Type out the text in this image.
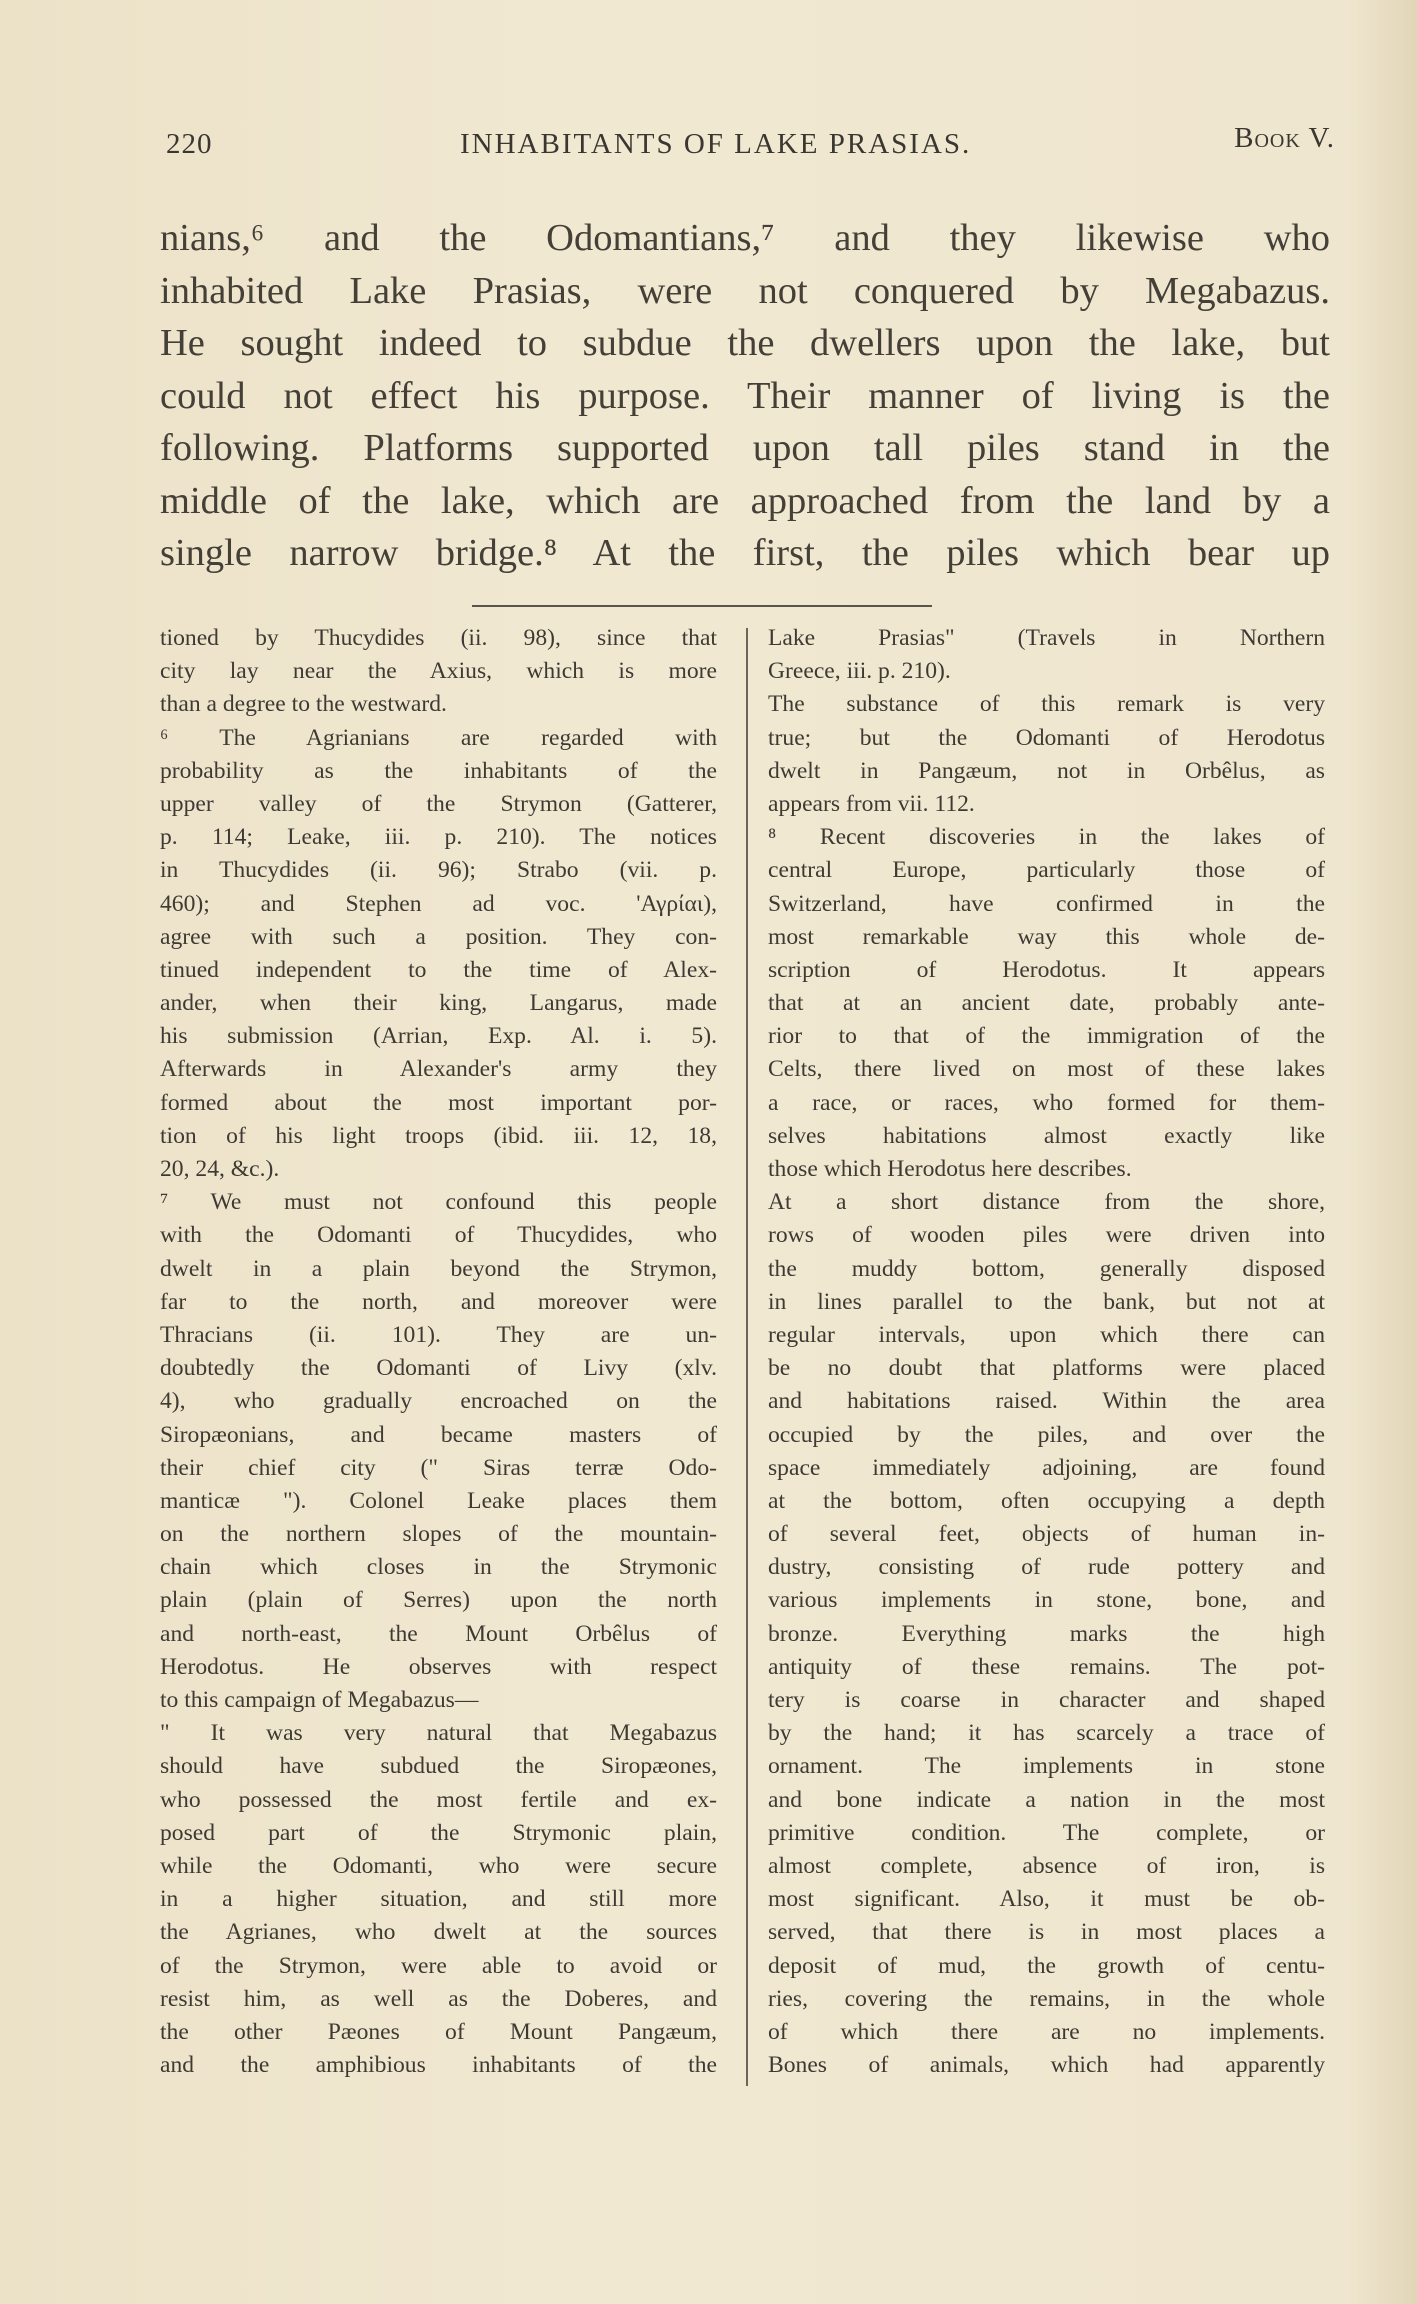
220	INHABITANTS OF LAKE PRASIAS.	Book V.
nians,⁶ and the Odomantians,⁷ and they likewise who
inhabited Lake Prasias, were not conquered by Megabazus.
He sought indeed to subdue the dwellers upon the lake, but
could not effect his purpose. Their manner of living is the
following. Platforms supported upon tall piles stand in the
middle of the lake, which are approached from the land by a
single narrow bridge.⁸ At the first, the piles which bear up
tioned by Thucydides (ii. 98), since that
city lay near the Axius, which is more
than a degree to the westward.
⁶ The Agrianians are regarded with
probability as the inhabitants of the
upper valley of the Strymon (Gatterer,
p. 114; Leake, iii. p. 210). The notices
in Thucydides (ii. 96); Strabo (vii. p.
460); and Stephen ad voc. 'Αγρίαι),
agree with such a position. They con-
tinued independent to the time of Alex-
ander, when their king, Langarus, made
his submission (Arrian, Exp. Al. i. 5).
Afterwards in Alexander's army they
formed about the most important por-
tion of his light troops (ibid. iii. 12, 18,
20, 24, &c.).
⁷ We must not confound this people
with the Odomanti of Thucydides, who
dwelt in a plain beyond the Strymon,
far to the north, and moreover were
Thracians (ii. 101). They are un-
doubtedly the Odomanti of Livy (xlv.
4), who gradually encroached on the
Siropæonians, and became masters of
their chief city (" Siras terræ Odo-
manticæ "). Colonel Leake places them
on the northern slopes of the mountain-
chain which closes in the Strymonic
plain (plain of Serres) upon the north
and north-east, the Mount Orbêlus of
Herodotus. He observes with respect
to this campaign of Megabazus—
" It was very natural that Megabazus
should have subdued the Siropæones,
who possessed the most fertile and ex-
posed part of the Strymonic plain,
while the Odomanti, who were secure
in a higher situation, and still more
the Agrianes, who dwelt at the sources
of the Strymon, were able to avoid or
resist him, as well as the Doberes, and
the other Pæones of Mount Pangæum,
and the amphibious inhabitants of the
Lake Prasias" (Travels in Northern
Greece, iii. p. 210).
The substance of this remark is very
true; but the Odomanti of Herodotus
dwelt in Pangæum, not in Orbêlus, as
appears from vii. 112.
⁸ Recent discoveries in the lakes of
central Europe, particularly those of
Switzerland, have confirmed in the
most remarkable way this whole de-
scription of Herodotus. It appears
that at an ancient date, probably ante-
rior to that of the immigration of the
Celts, there lived on most of these lakes
a race, or races, who formed for them-
selves habitations almost exactly like
those which Herodotus here describes.
At a short distance from the shore,
rows of wooden piles were driven into
the muddy bottom, generally disposed
in lines parallel to the bank, but not at
regular intervals, upon which there can
be no doubt that platforms were placed
and habitations raised. Within the area
occupied by the piles, and over the
space immediately adjoining, are found
at the bottom, often occupying a depth
of several feet, objects of human in-
dustry, consisting of rude pottery and
various implements in stone, bone, and
bronze. Everything marks the high
antiquity of these remains. The pot-
tery is coarse in character and shaped
by the hand; it has scarcely a trace of
ornament. The implements in stone
and bone indicate a nation in the most
primitive condition. The complete, or
almost complete, absence of iron, is
most significant. Also, it must be ob-
served, that there is in most places a
deposit of mud, the growth of centu-
ries, covering the remains, in the whole
of which there are no implements.
Bones of animals, which had apparently
